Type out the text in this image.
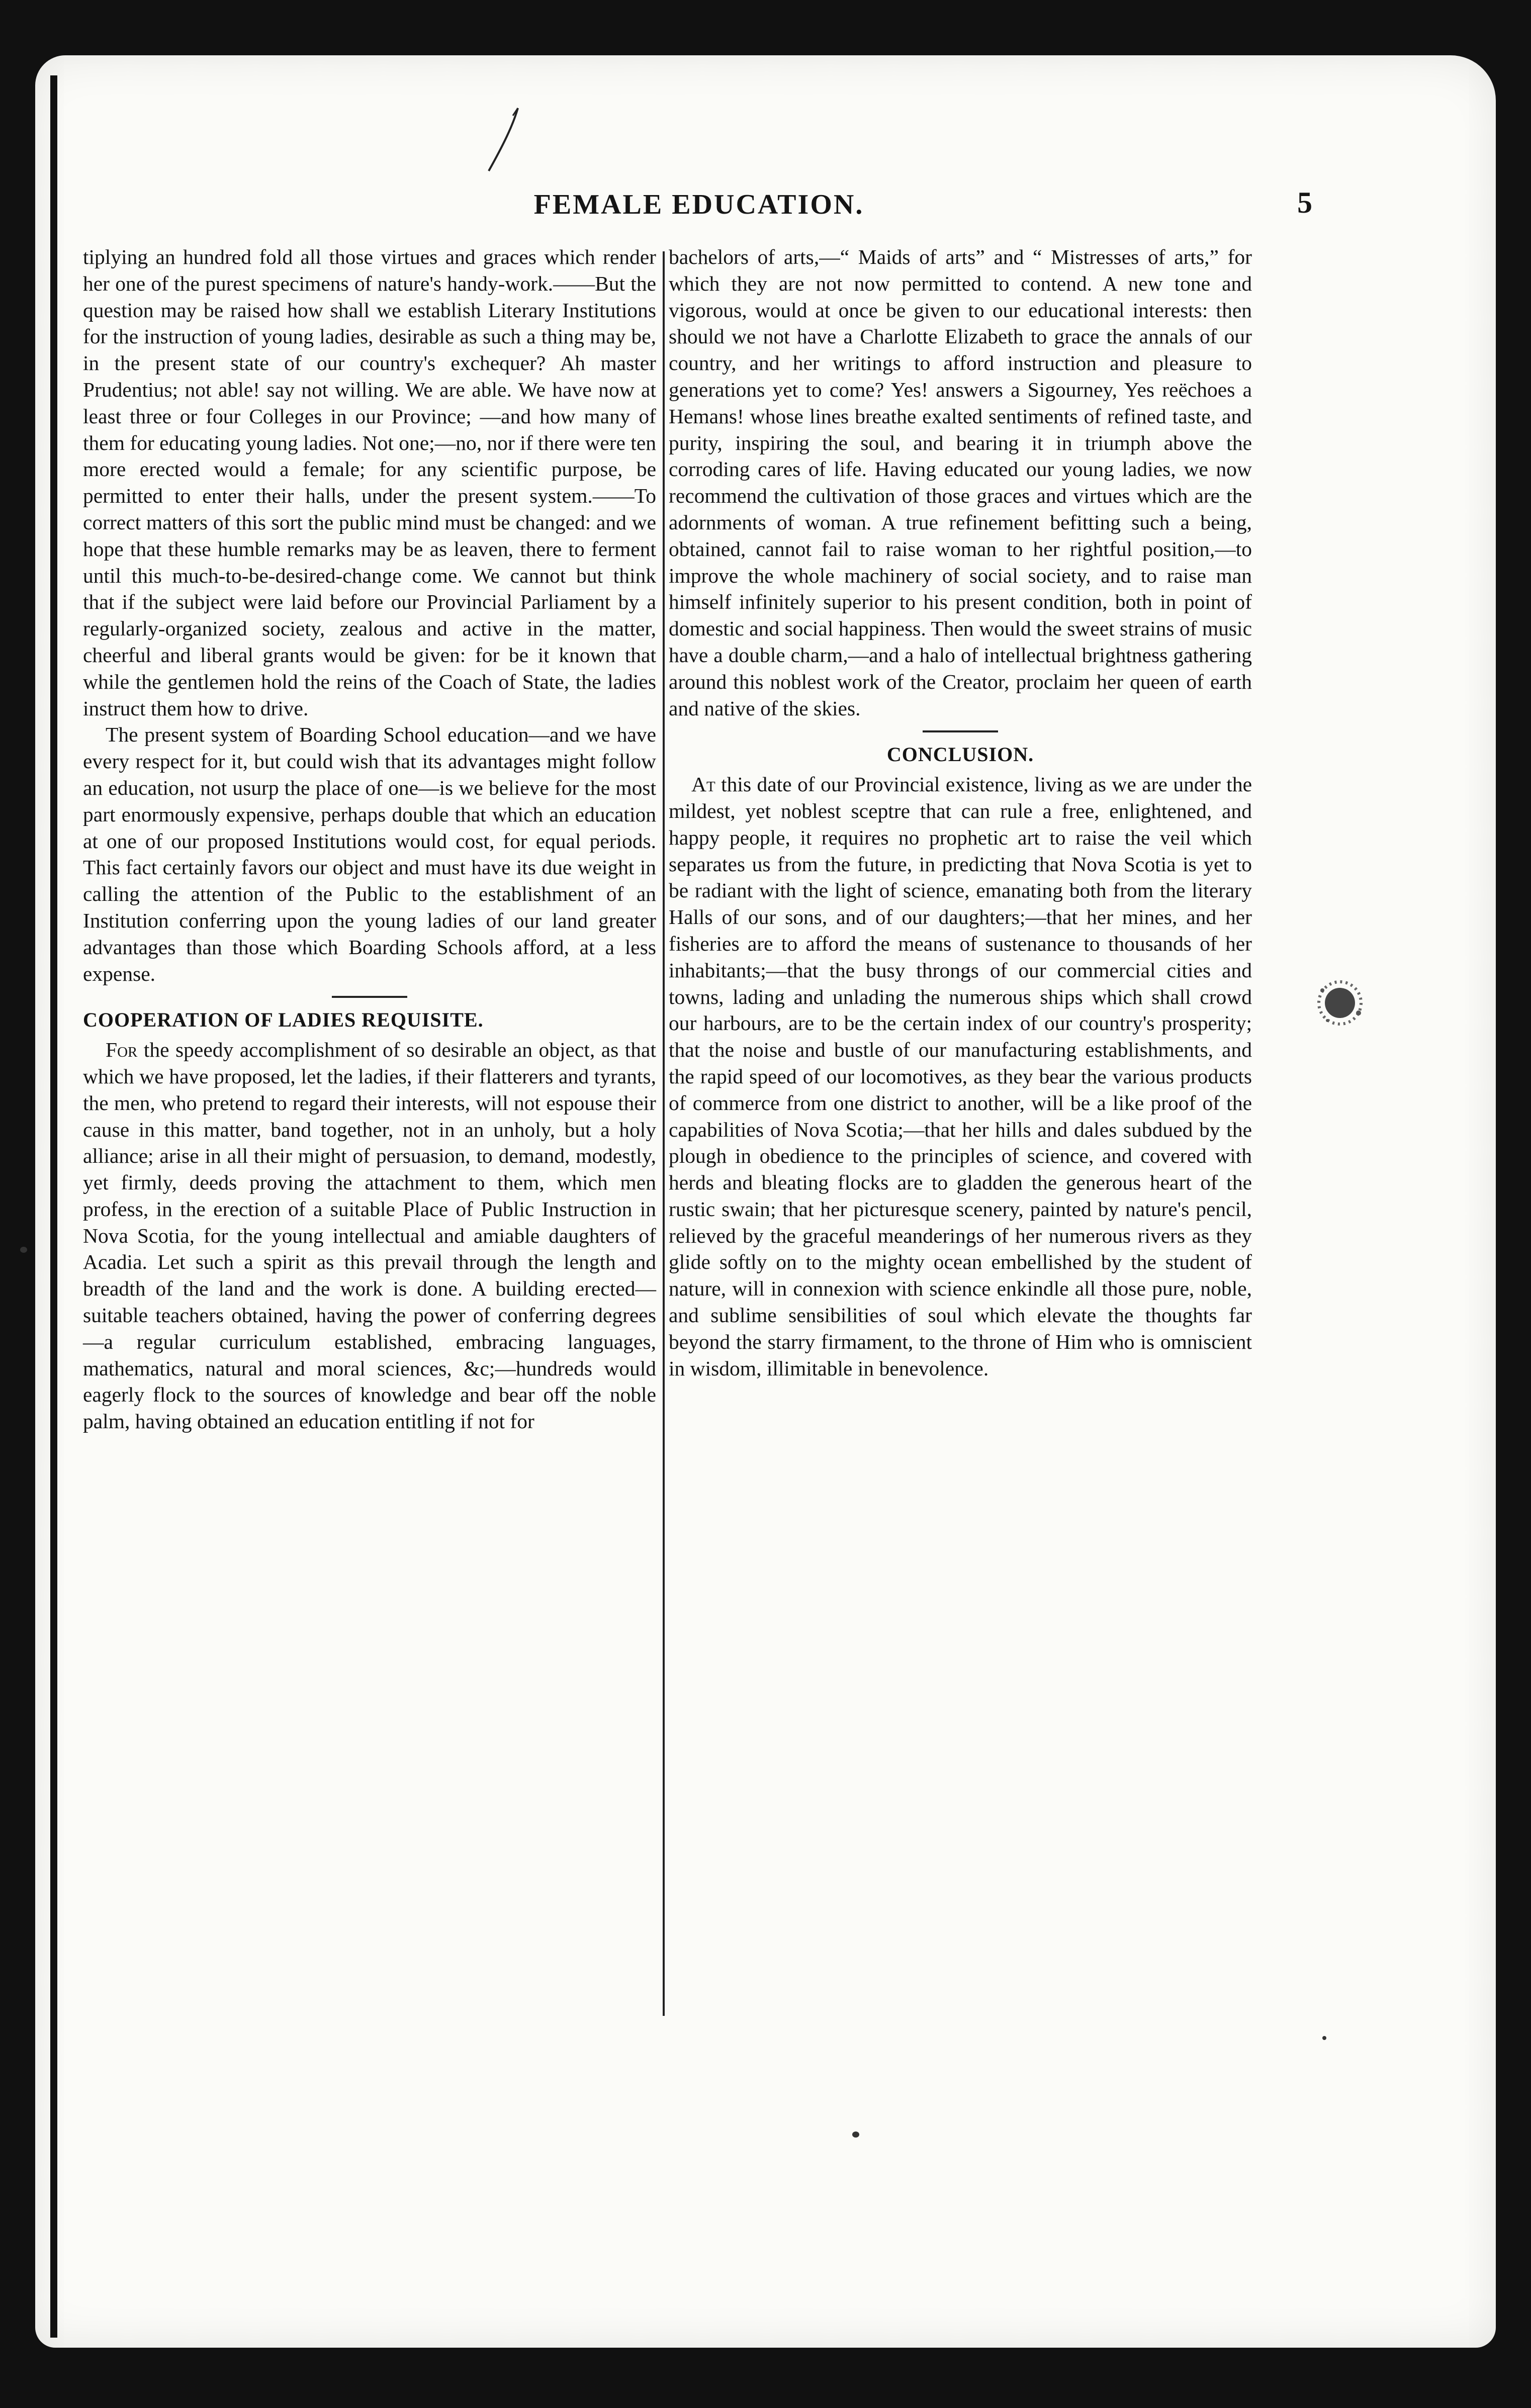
FEMALE EDUCATION.	5

tiplying an hundred fold all those virtues and graces which render her one of the purest specimens of nature's handy-work.——But the question may be raised how shall we establish Literary Institutions for the instruction of young ladies, desirable as such a thing may be, in the present state of our country's exchequer? Ah master Prudentius; not able! say not willing. We are able. We have now at least three or four Colleges in our Province; —and how many of them for educating young ladies. Not one;—no, nor if there were ten more erected would a female; for any scientific purpose, be permitted to enter their halls, under the present system.——To correct matters of this sort the public mind must be changed: and we hope that these humble remarks may be as leaven, there to ferment until this much-to-be-desired-change come. We cannot but think that if the subject were laid before our Provincial Parliament by a regularly-organized society, zealous and active in the matter, cheerful and liberal grants would be given: for be it known that while the gentlemen hold the reins of the Coach of State, the ladies instruct them how to drive.

The present system of Boarding School education—and we have every respect for it, but could wish that its advantages might follow an education, not usurp the place of one—is we believe for the most part enormously expensive, perhaps double that which an education at one of our proposed Institutions would cost, for equal periods. This fact certainly favors our object and must have its due weight in calling the attention of the Public to the establishment of an Institution conferring upon the young ladies of our land greater advantages than those which Boarding Schools afford, at a less expense.

COOPERATION OF LADIES REQUISITE.

For the speedy accomplishment of so desirable an object, as that which we have proposed, let the ladies, if their flatterers and tyrants, the men, who pretend to regard their interests, will not espouse their cause in this matter, band together, not in an unholy, but a holy alliance; arise in all their might of persuasion, to demand, modestly, yet firmly, deeds proving the attachment to them, which men profess, in the erection of a suitable Place of Public Instruction in Nova Scotia, for the young intellectual and amiable daughters of Acadia. Let such a spirit as this prevail through the length and breadth of the land and the work is done. A building erected—suitable teachers obtained, having the power of conferring degrees—a regular curriculum established, embracing languages, mathematics, natural and moral sciences, &c;—hundreds would eagerly flock to the sources of knowledge and bear off the noble palm, having obtained an education entitling if not for

bachelors of arts,—“ Maids of arts” and “ Mistresses of arts,” for which they are not now permitted to contend. A new tone and vigorous, would at once be given to our educational interests: then should we not have a Charlotte Elizabeth to grace the annals of our country, and her writings to afford instruction and pleasure to generations yet to come? Yes! answers a Sigourney, Yes reëchoes a Hemans! whose lines breathe exalted sentiments of refined taste, and purity, inspiring the soul, and bearing it in triumph above the corroding cares of life. Having educated our young ladies, we now recommend the cultivation of those graces and virtues which are the adornments of woman. A true refinement befitting such a being, obtained, cannot fail to raise woman to her rightful position,—to improve the whole machinery of social society, and to raise man himself infinitely superior to his present condition, both in point of domestic and social happiness. Then would the sweet strains of music have a double charm,—and a halo of intellectual brightness gathering around this noblest work of the Creator, proclaim her queen of earth and native of the skies.

CONCLUSION.

At this date of our Provincial existence, living as we are under the mildest, yet noblest sceptre that can rule a free, enlightened, and happy people, it requires no prophetic art to raise the veil which separates us from the future, in predicting that Nova Scotia is yet to be radiant with the light of science, emanating both from the literary Halls of our sons, and of our daughters;—that her mines, and her fisheries are to afford the means of sustenance to thousands of her inhabitants;—that the busy throngs of our commercial cities and towns, lading and unlading the numerous ships which shall crowd our harbours, are to be the certain index of our country's prosperity; that the noise and bustle of our manufacturing establishments, and the rapid speed of our locomotives, as they bear the various products of commerce from one district to another, will be a like proof of the capabilities of Nova Scotia;—that her hills and dales subdued by the plough in obedience to the principles of science, and covered with herds and bleating flocks are to gladden the generous heart of the rustic swain; that her picturesque scenery, painted by nature's pencil, relieved by the graceful meanderings of her numerous rivers as they glide softly on to the mighty ocean embellished by the student of nature, will in connexion with science enkindle all those pure, noble, and sublime sensibilities of soul which elevate the thoughts far beyond the starry firmament, to the throne of Him who is omniscient in wisdom, illimitable in benevolence.
